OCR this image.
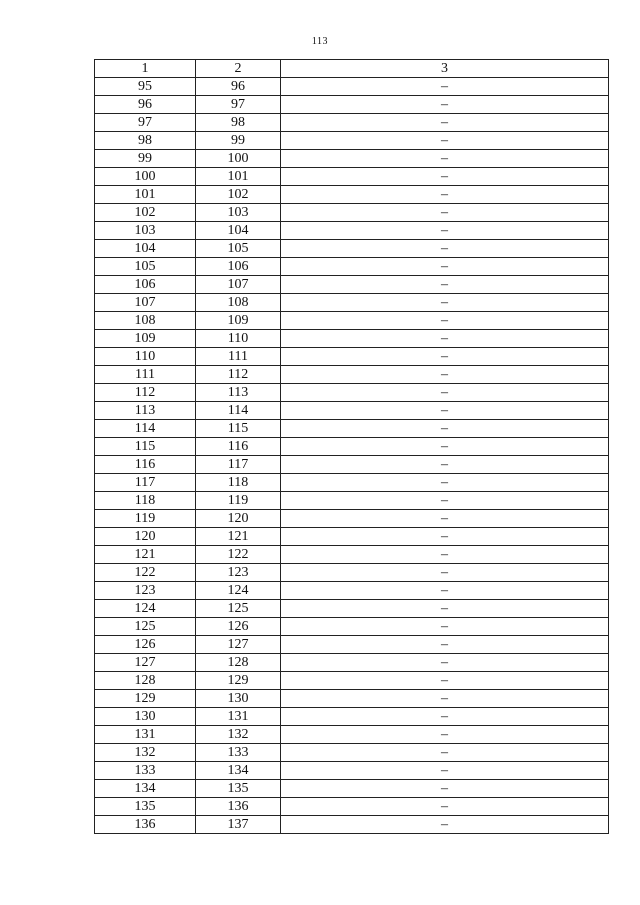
113
1	2	3
95	96	–
96	97	–
97	98	–
98	99	–
99	100	–
100	101	–
101	102	–
102	103	–
103	104	–
104	105	–
105	106	–
106	107	–
107	108	–
108	109	–
109	110	–
110	111	–
111	112	–
112	113	–
113	114	–
114	115	–
115	116	–
116	117	–
117	118	–
118	119	–
119	120	–
120	121	–
121	122	–
122	123	–
123	124	–
124	125	–
125	126	–
126	127	–
127	128	–
128	129	–
129	130	–
130	131	–
131	132	–
132	133	–
133	134	–
134	135	–
135	136	–
136	137	–
